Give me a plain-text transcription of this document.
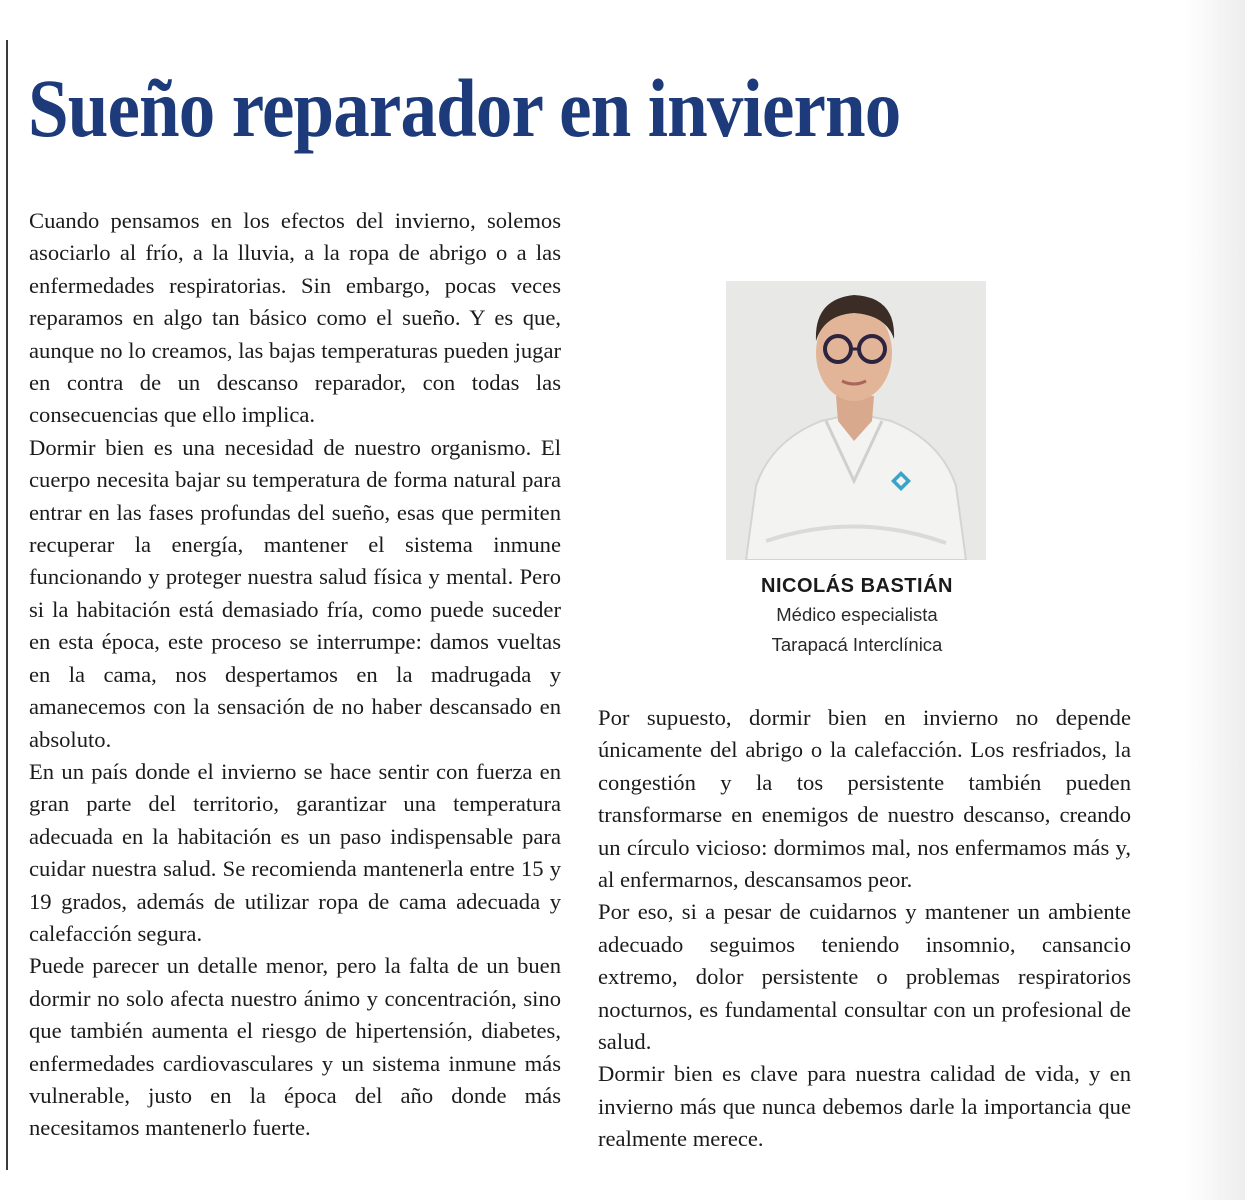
Sueño reparador en invierno

Cuando pensamos en los efectos del invierno, solemos asociarlo al frío, a la lluvia, a la ropa de abrigo o a las enfermedades respiratorias. Sin embargo, pocas veces reparamos en algo tan básico como el sueño. Y es que, aunque no lo creamos, las bajas temperaturas pueden jugar en contra de un descanso reparador, con todas las consecuencias que ello implica.

Dormir bien es una necesidad de nuestro organismo. El cuerpo necesita bajar su temperatura de forma natural para entrar en las fases profundas del sueño, esas que permiten recuperar la energía, mantener el sistema inmune funcionando y proteger nuestra salud física y mental. Pero si la habitación está demasiado fría, como puede suceder en esta época, este proceso se interrumpe: damos vueltas en la cama, nos despertamos en la madrugada y amanecemos con la sensación de no haber descansado en absoluto.

En un país donde el invierno se hace sentir con fuerza en gran parte del territorio, garantizar una temperatura adecuada en la habitación es un paso indispensable para cuidar nuestra salud. Se recomienda mantenerla entre 15 y 19 grados, además de utilizar ropa de cama adecuada y calefacción segura.

Puede parecer un detalle menor, pero la falta de un buen dormir no solo afecta nuestro ánimo y concentración, sino que también aumenta el riesgo de hipertensión, diabetes, enfermedades cardiovasculares y un sistema inmune más vulnerable, justo en la época del año donde más necesitamos mantenerlo fuerte.

NICOLÁS BASTIÁN
Médico especialista
Tarapacá Interclínica

Por supuesto, dormir bien en invierno no depende únicamente del abrigo o la calefacción. Los resfriados, la congestión y la tos persistente también pueden transformarse en enemigos de nuestro descanso, creando un círculo vicioso: dormimos mal, nos enfermamos más y, al enfermarnos, descansamos peor.

Por eso, si a pesar de cuidarnos y mantener un ambiente adecuado seguimos teniendo insomnio, cansancio extremo, dolor persistente o problemas respiratorios nocturnos, es fundamental consultar con un profesional de salud.

Dormir bien es clave para nuestra calidad de vida, y en invierno más que nunca debemos darle la importancia que realmente merece.
